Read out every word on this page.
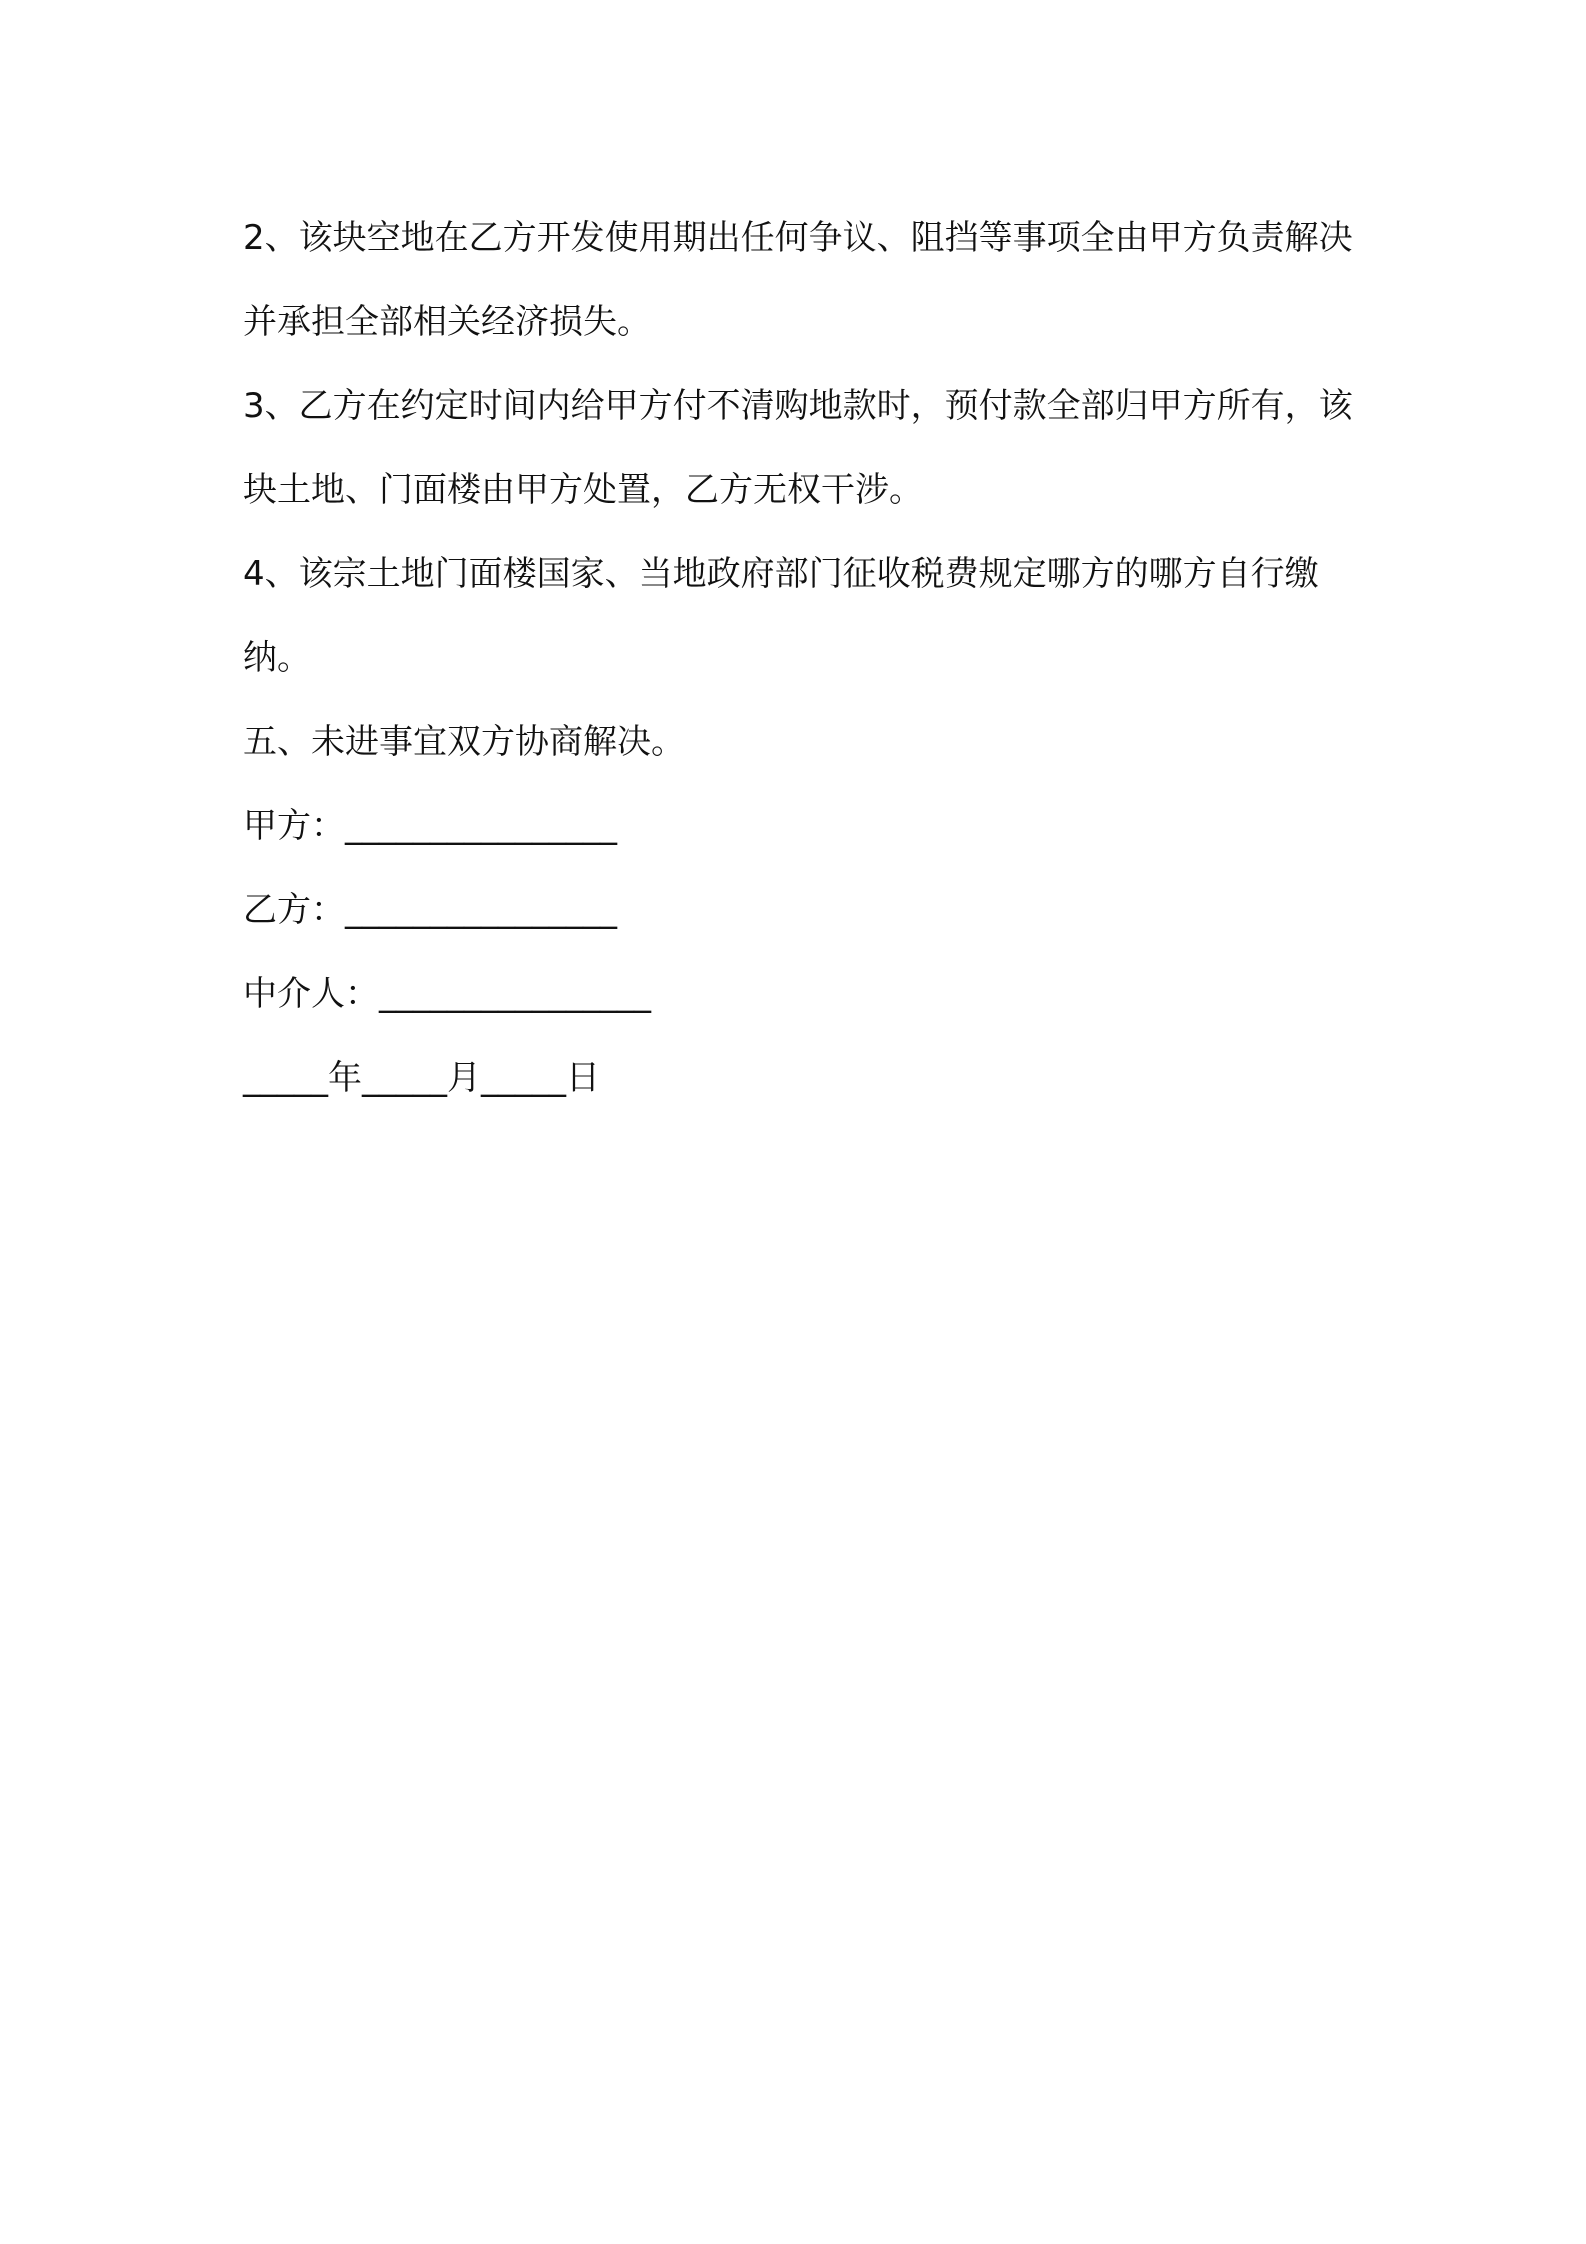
2、该块空地在乙方开发使用期出任何争议、阻挡等事项全由甲方负责解决并承担全部相关经济损失。

3、乙方在约定时间内给甲方付不清购地款时，预付款全部归甲方所有，该块土地、门面楼由甲方处置，乙方无权干涉。

4、该宗土地门面楼国家、当地政府部门征收税费规定哪方的哪方自行缴纳。

五、未进事宜双方协商解决。

甲方：________________
乙方：________________
中介人：________________
_____年_____月_____日
